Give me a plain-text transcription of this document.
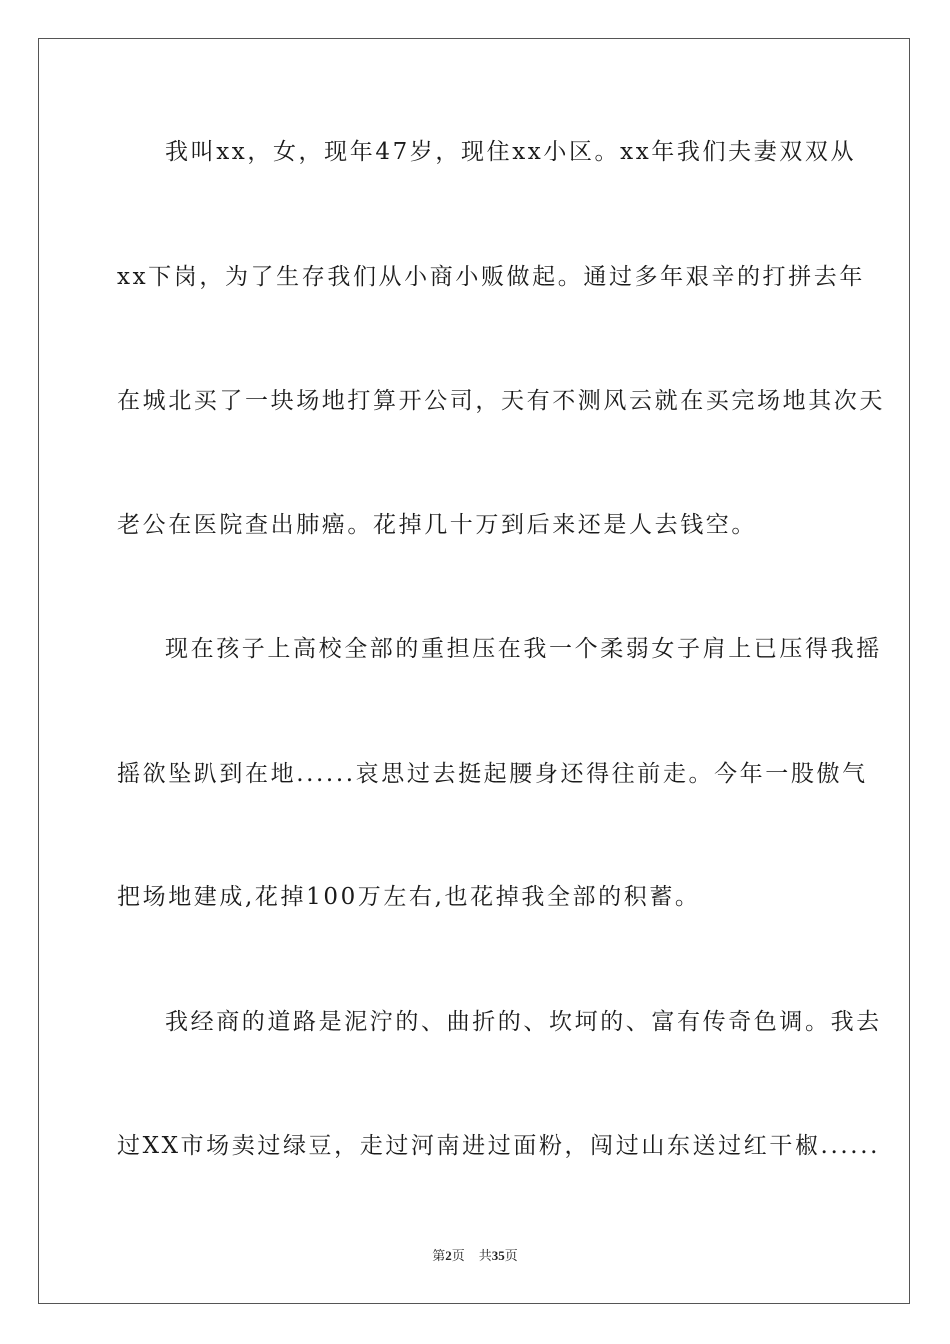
我叫xx，女，现年47岁，现住xx小区。xx年我们夫妻双双从
xx下岗，为了生存我们从小商小贩做起。通过多年艰辛的打拼去年
在城北买了一块场地打算开公司，天有不测风云就在买完场地其次天
老公在医院查出肺癌。花掉几十万到后来还是人去钱空。
现在孩子上高校全部的重担压在我一个柔弱女子肩上已压得我摇
摇欲坠趴到在地......哀思过去挺起腰身还得往前走。今年一股傲气
把场地建成,花掉100万左右,也花掉我全部的积蓄。
我经商的道路是泥泞的、曲折的、坎坷的、富有传奇色调。我去
过XX市场卖过绿豆，走过河南进过面粉，闯过山东送过红干椒......
第2页 共35页
